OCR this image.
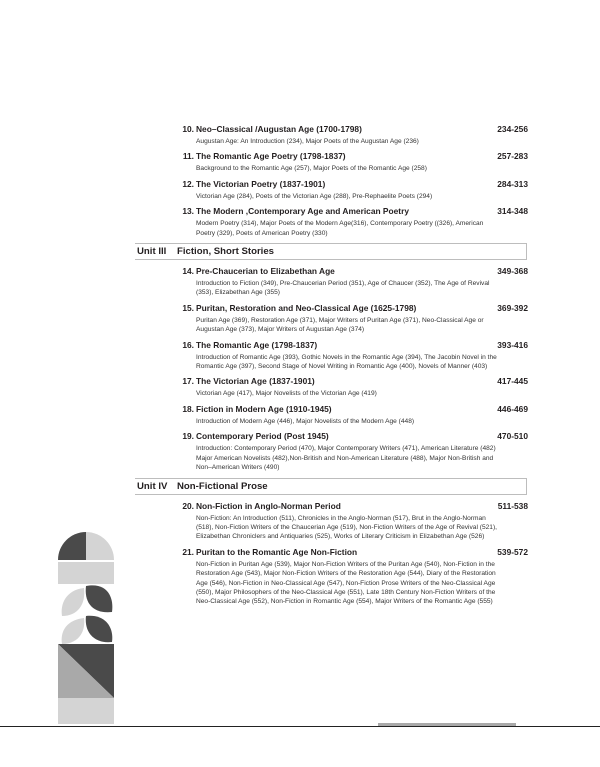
10. Neo–Classical /Augustan Age (1700-1798)	234-256
Augustan Age: An Introduction (234), Major Poets of the Augustan Age (236)
11. The Romantic Age Poetry (1798-1837)	257-283
Background to the Romantic Age (257), Major Poets of the Romantic Age (258)
12. The Victorian Poetry (1837-1901)	284-313
Victorian Age (284), Poets of the Victorian Age (288), Pre-Rephaelite Poets (294)
13. The Modern ,Contemporary Age and American Poetry	314-348
Modern Poetry (314), Major Poets of the Modern Age(316), Contemporary Poetry ((326), American Poetry (329), Poets of American Poetry (330)
Unit III	Fiction, Short Stories
14. Pre-Chaucerian to Elizabethan Age	349-368
Introduction to Fiction (349), Pre-Chaucerian Period (351), Age of Chaucer (352), The Age of Revival (353), Elizabethan Age (355)
15. Puritan, Restoration and Neo-Classical Age (1625-1798)	369-392
Puritan Age (369), Restoration Age (371), Major Writers of Puritan Age (371), Neo-Classical Age or Augustan Age (373), Major Writers of Augustan Age (374)
16. The Romantic Age (1798-1837)	393-416
Introduction of Romantic Age (393), Gothic Novels in the Romantic Age (394), The Jacobin Novel in the Romantic Age (397), Second Stage of Novel Writing in Romantic Age (400), Novels of Manner (403)
17. The Victorian Age (1837-1901)	417-445
Victorian Age (417), Major Novelists of the Victorian Age (419)
18. Fiction in Modern Age (1910-1945)	446-469
Introduction of Modern Age (446), Major Novelists of the Modern Age (448)
19. Contemporary Period (Post 1945)	470-510
Introduction: Contemporary Period (470), Major Contemporary Writers (471), American Literature (482) Major American Novelists (482),Non-British and Non-American Literature (488), Major Non-British and Non–American Writers (490)
Unit IV	Non-Fictional Prose
20. Non-Fiction in Anglo-Norman Period	511-538
Non-Fiction: An Introduction (511), Chronicles in the Anglo-Norman (517), Brut in the Anglo-Norman (518), Non-Fiction Writers of the Chaucerian Age (519), Non-Fiction Writers of the Age of Revival (521), Elizabethan Chroniclers and Antiquaries (525), Works of Literary Criticism in Elizabethan Age (526)
21. Puritan to the Romantic Age Non-Fiction	539-572
Non-Fiction in Puritan Age (539), Major Non-Fiction Writers of the Puritan Age (540), Non-Fiction in the Restoration Age (543), Major Non-Fiction Writers of the Restoration Age (544), Diary of the Restoration Age (546), Non-Fiction in Neo-Classical Age (547), Non-Fiction Prose Writers of the Neo-Classical Age (550), Major Philosophers of the Neo-Classical Age (551), Late 18th Century Non-Fiction Writers of the Neo-Classical Age (552), Non-Fiction in Romantic Age (554), Major Writers of the Romantic Age (555)
